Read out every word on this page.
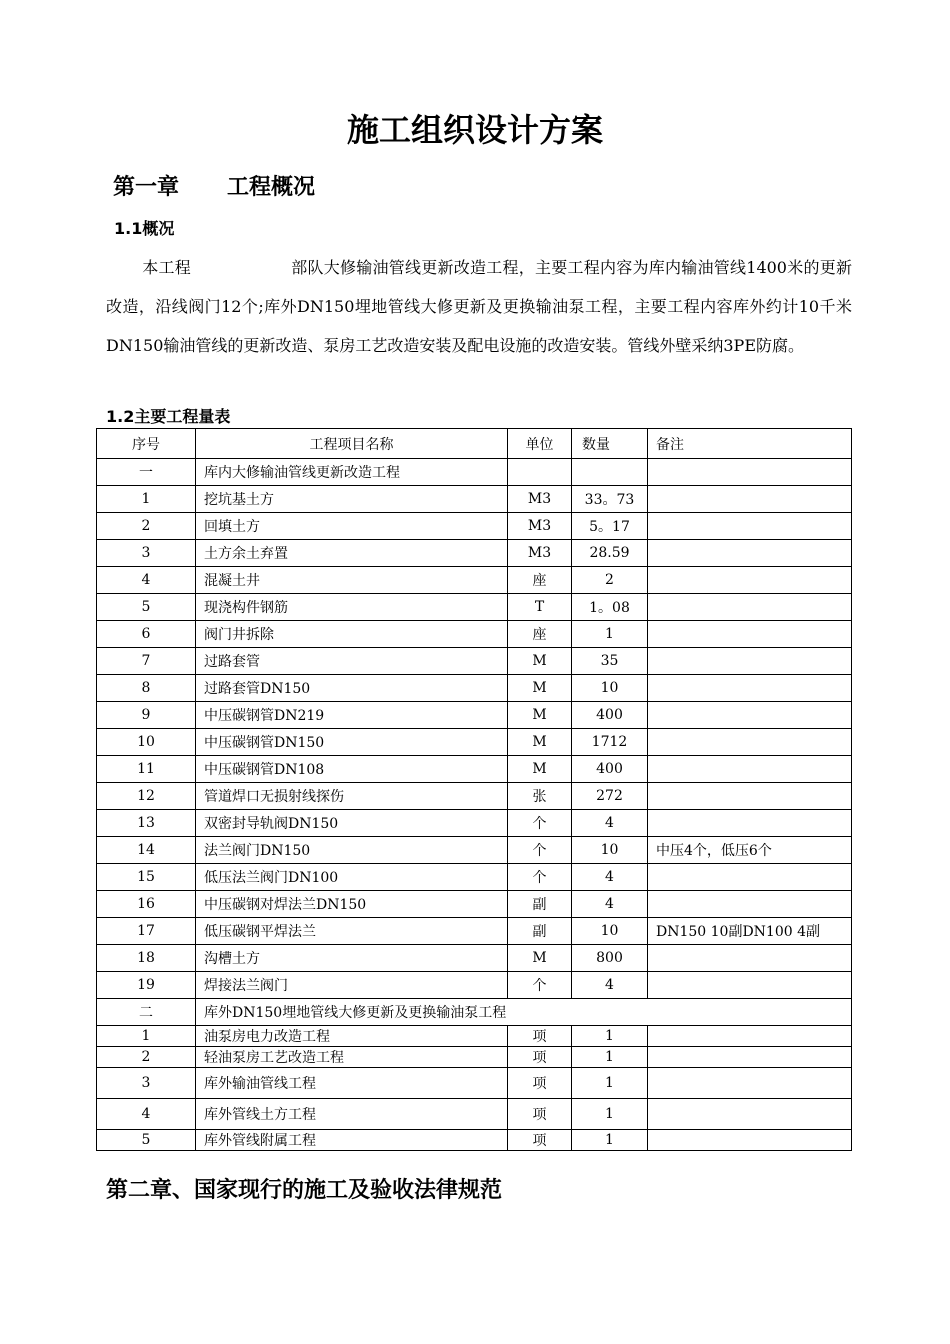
施工组织设计方案
第一章 工程概况
1.1概况

本工程	部队大修输油管线更新改造工程，主要工程内容为库内输油管线1400米的更新改造，沿线阀门12个;库外DN150埋地管线大修更新及更换输油泵工程，主要工程内容库外约计10千米DN150输油管线的更新改造、泵房工艺改造安装及配电设施的改造安装。管线外壁采纳3PE防腐。

1.2主要工程量表
序号	工程项目名称	单位	数量	备注
一	库内大修输油管线更新改造工程			
1	挖坑基土方	M3	33。73	
2	回填土方	M3	5。17	
3	土方余土弃置	M3	28.59	
4	混凝土井	座	2	
5	现浇构件钢筋	T	1。08	
6	阀门井拆除	座	1	
7	过路套管	M	35	
8	过路套管DN150	M	10	
9	中压碳钢管DN219	M	400	
10	中压碳钢管DN150	M	1712	
11	中压碳钢管DN108	M	400	
12	管道焊口无损射线探伤	张	272	
13	双密封导轨阀DN150	个	4	
14	法兰阀门DN150	个	10	中压4个，低压6个
15	低压法兰阀门DN100	个	4	
16	中压碳钢对焊法兰DN150	副	4	
17	低压碳钢平焊法兰	副	10	DN150 10副DN100 4副
18	沟槽土方	M	800	
19	焊接法兰阀门	个	4	
二	库外DN150埋地管线大修更新及更换输油泵工程			
1	油泵房电力改造工程	项	1	
2	轻油泵房工艺改造工程	项	1	
3	库外输油管线工程	项	1	
4	库外管线土方工程	项	1	
5	库外管线附属工程	项	1	
第二章、国家现行的施工及验收法律规范
